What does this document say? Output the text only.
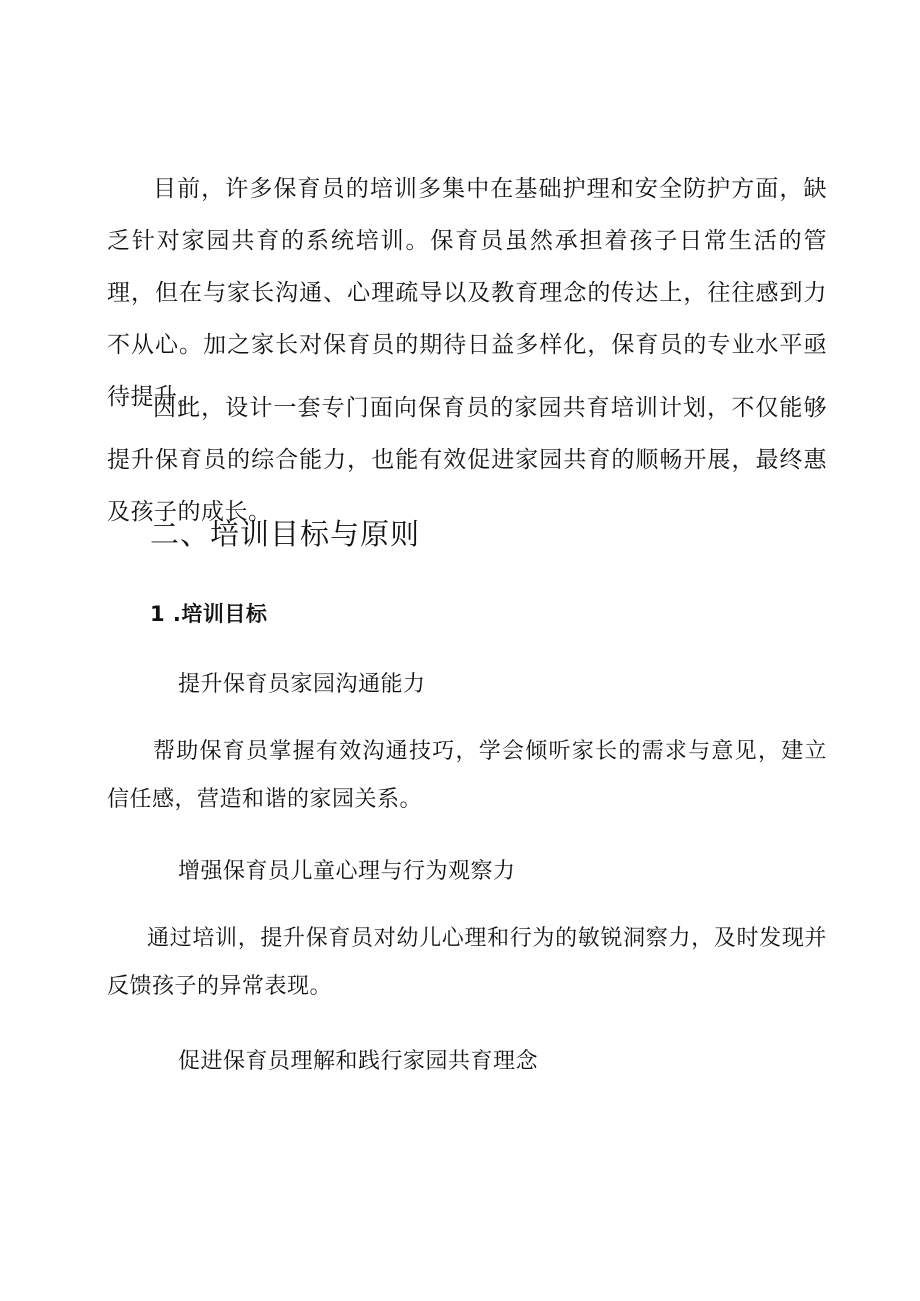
目前，许多保育员的培训多集中在基础护理和安全防护方面，缺乏针对家园共育的系统培训。保育员虽然承担着孩子日常生活的管理，但在与家长沟通、心理疏导以及教育理念的传达上，往往感到力不从心。加之家长对保育员的期待日益多样化，保育员的专业水平亟待提升。

因此，设计一套专门面向保育员的家园共育培训计划，不仅能够提升保育员的综合能力，也能有效促进家园共育的顺畅开展，最终惠及孩子的成长。

二、培训目标与原则
1 .培训目标

提升保育员家园沟通能力

帮助保育员掌握有效沟通技巧，学会倾听家长的需求与意见，建立信任感，营造和谐的家园关系。

增强保育员儿童心理与行为观察力

通过培训，提升保育员对幼儿心理和行为的敏锐洞察力，及时发现并反馈孩子的异常表现。

促进保育员理解和践行家园共育理念
